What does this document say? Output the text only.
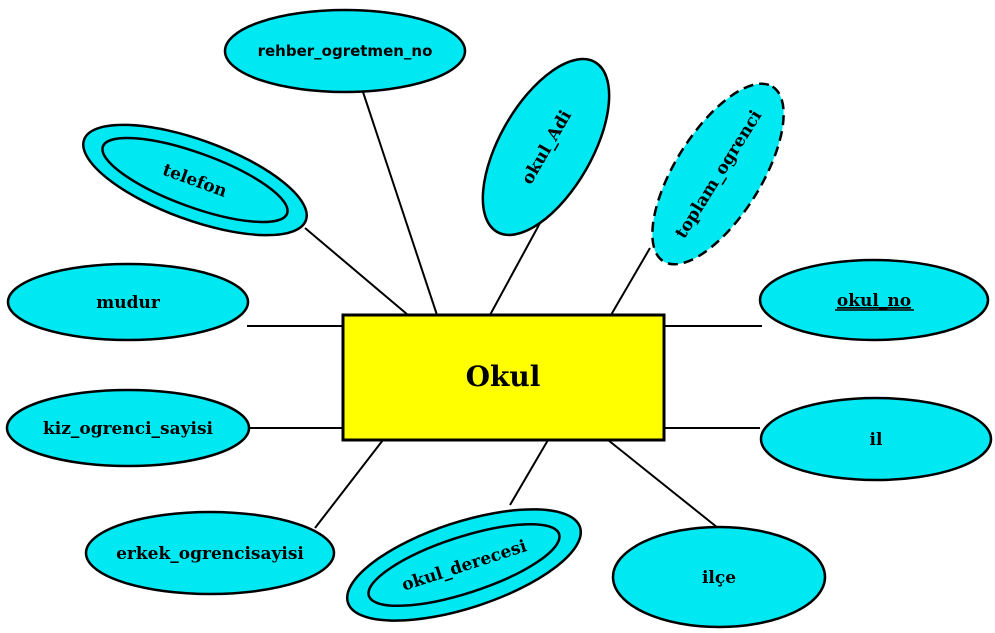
Okul
rehber_ogretmen_no
telefon	okul_Adi	toplam_ogrenci
mudur	okul_no
kiz_ogrenci_sayisi
il
erkek_ogrencisayisi	okul_derecesi	ilçe
